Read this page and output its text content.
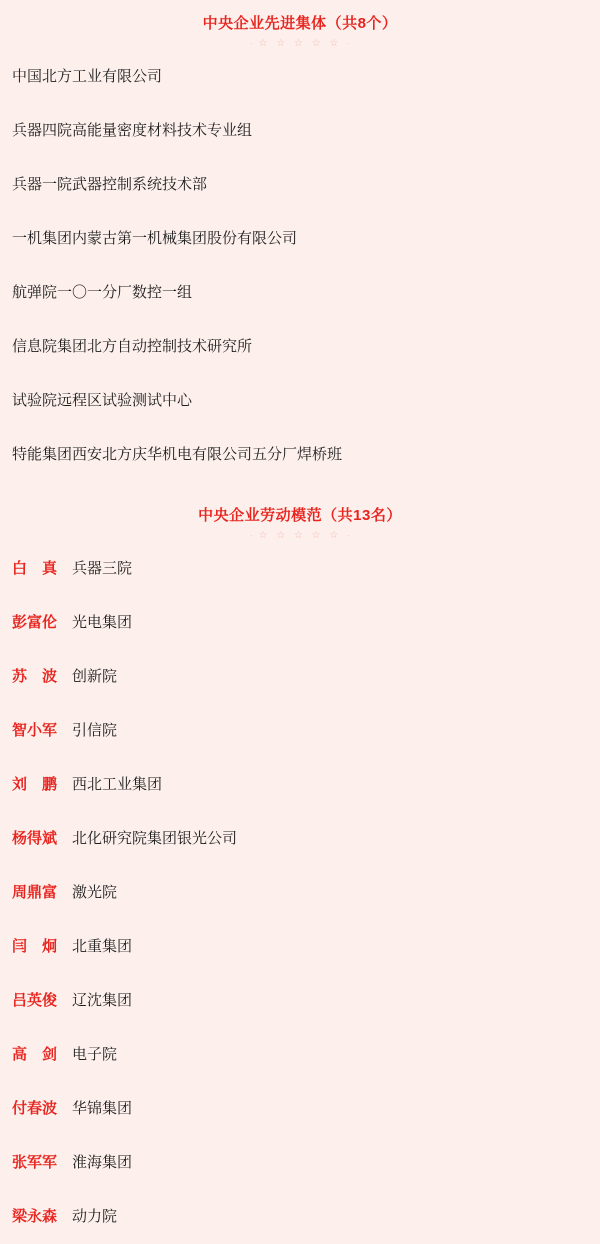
中央企业先进集体（共8个）
· ☆ ☆ ☆ ☆ ☆ ·
中国北方工业有限公司
兵器四院高能量密度材料技术专业组
兵器一院武器控制系统技术部
一机集团内蒙古第一机械集团股份有限公司
航弹院一〇一分厂数控一组
信息院集团北方自动控制技术研究所
试验院远程区试验测试中心
特能集团西安北方庆华机电有限公司五分厂焊桥班
中央企业劳动模范（共13名）
· ☆ ☆ ☆ ☆ ☆ ·
白　真 兵器三院
彭富伦 光电集团
苏　波 创新院
智小军 引信院
刘　鹏 西北工业集团
杨得斌 北化研究院集团银光公司
周鼎富 激光院
闫　炯 北重集团
吕英俊 辽沈集团
高　剑 电子院
付春波 华锦集团
张军军 淮海集团
梁永森 动力院
